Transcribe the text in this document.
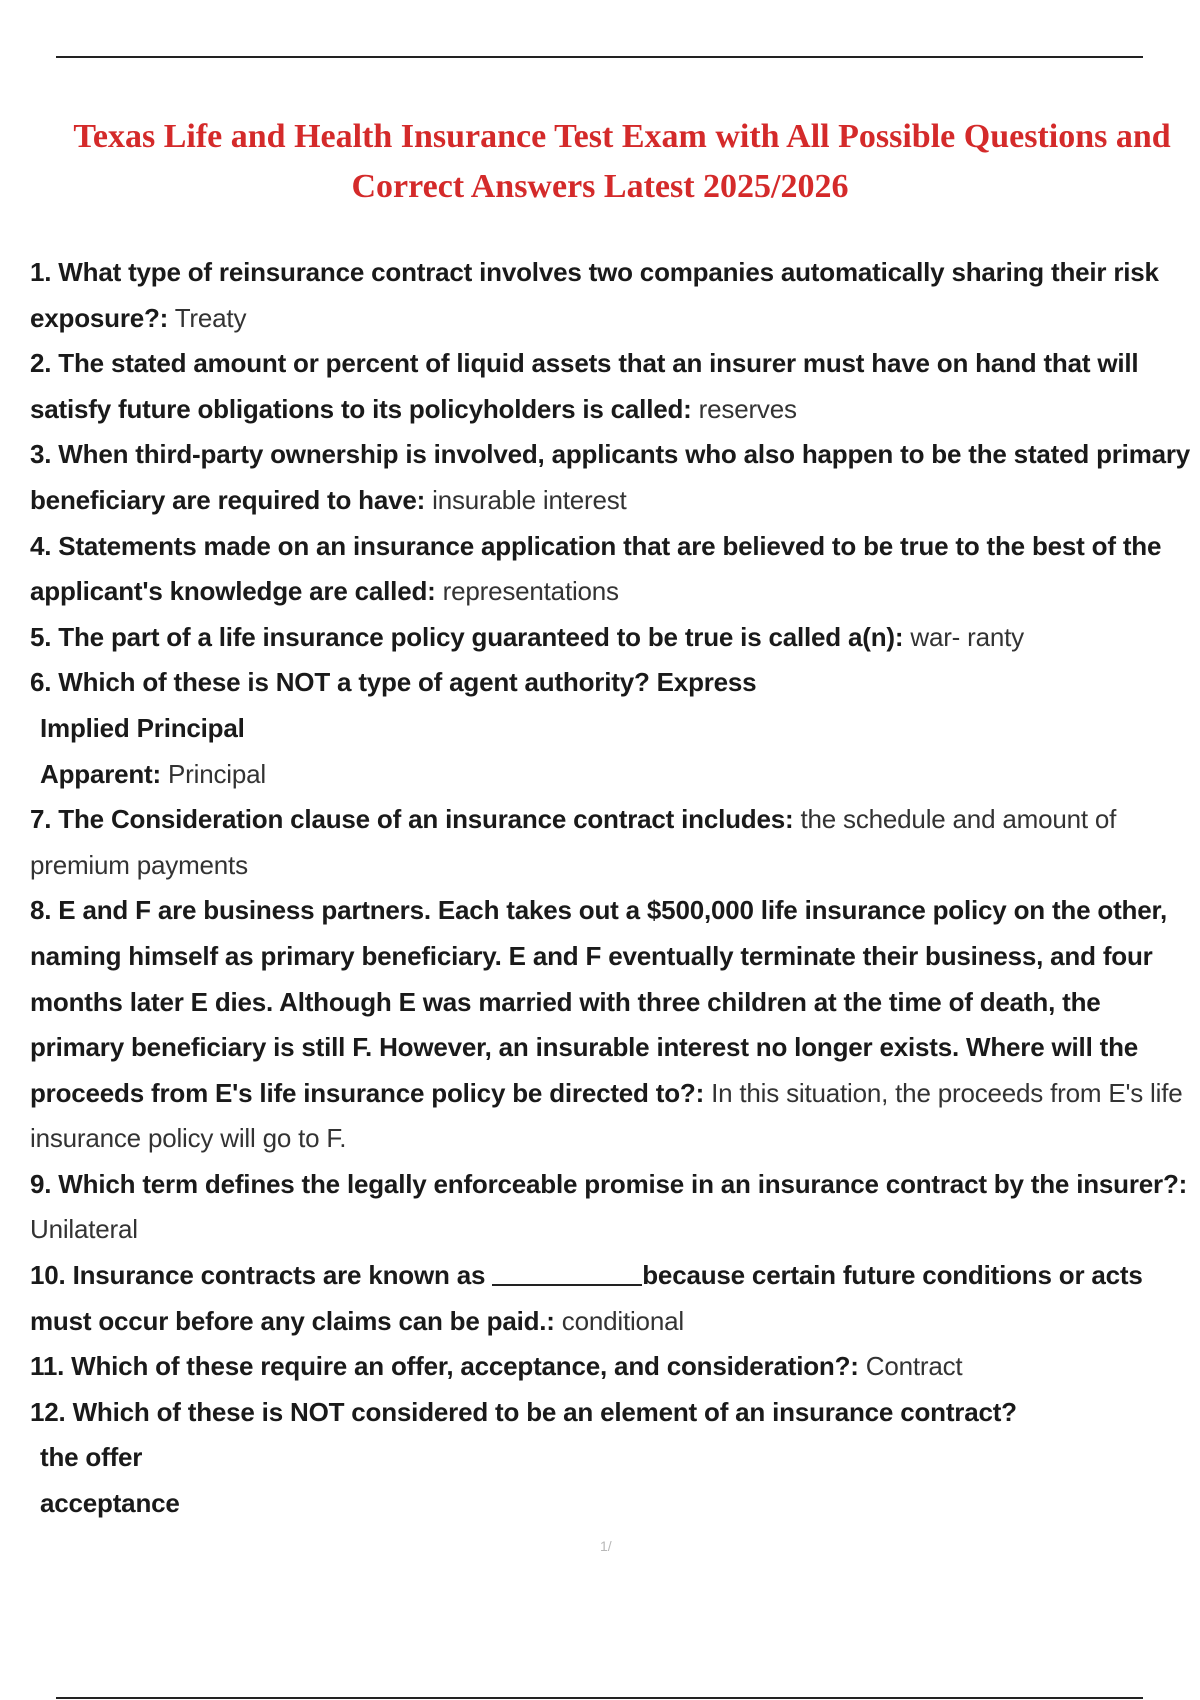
Texas Life and Health Insurance Test Exam with All Possible Questions and
Correct Answers Latest 2025/2026

1. What type of reinsurance contract involves two companies automatically sharing their risk exposure?: Treaty

2. The stated amount or percent of liquid assets that an insurer must have on hand that will satisfy future obligations to its policyholders is called: reserves

3. When third-party ownership is involved, applicants who also happen to be the stated primary beneficiary are required to have: insurable interest

4. Statements made on an insurance application that are believed to be true to the best of the applicant's knowledge are called: representations

5. The part of a life insurance policy guaranteed to be true is called a(n): war- ranty

6. Which of these is NOT a type of agent authority? Express

Implied Principal

Apparent: Principal

7. The Consideration clause of an insurance contract includes: the schedule and amount of premium payments

8. E and F are business partners. Each takes out a $500,000 life insurance policy on the other, naming himself as primary beneficiary. E and F eventually terminate their business, and four months later E dies. Although E was married with three children at the time of death, the primary beneficiary is still F. However, an insurable interest no longer exists. Where will the proceeds from E's life insurance policy be directed to?: In this situation, the proceeds from E's life insurance policy will go to F.

9. Which term defines the legally enforceable promise in an insurance contract by the insurer?: Unilateral

10. Insurance contracts are known as	because certain future conditions or acts must occur before any claims can be paid.: conditional

11. Which of these require an offer, acceptance, and consideration?: Contract

12. Which of these is NOT considered to be an element of an insurance contract?

the offer

acceptance

1/
